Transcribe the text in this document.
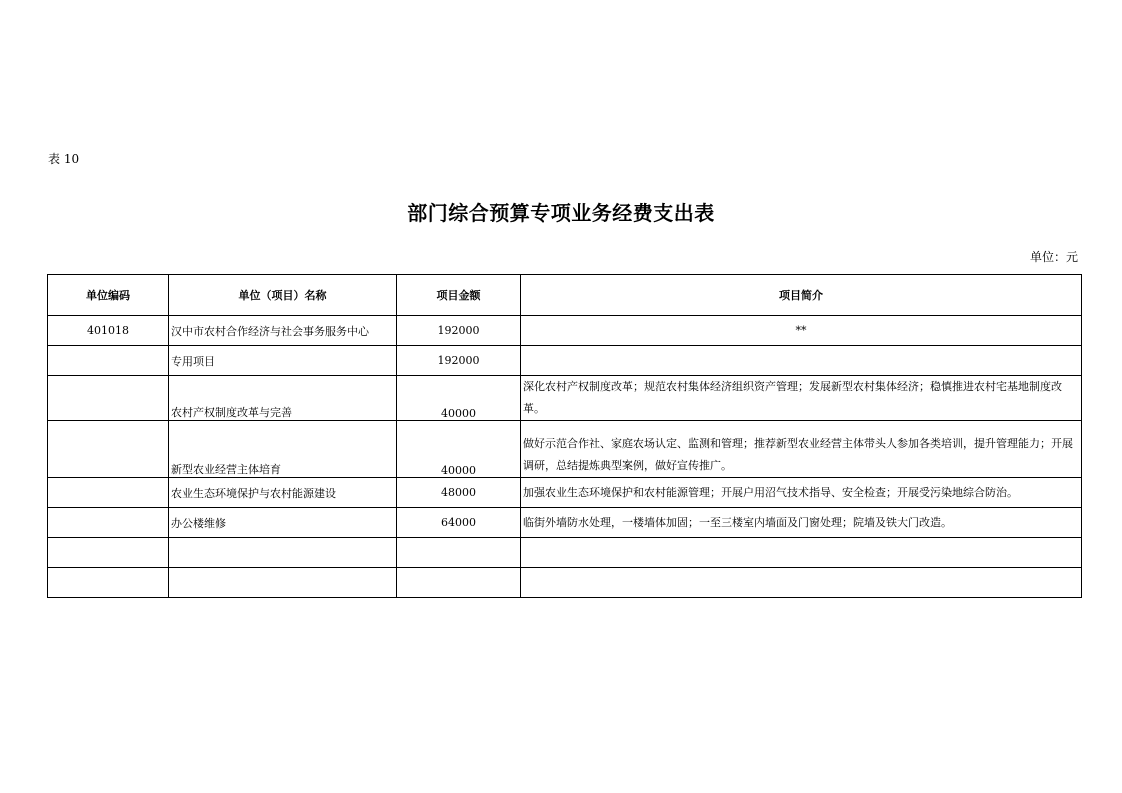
表 10
部门综合预算专项业务经费支出表
单位：元
单位编码	单位（项目）名称	项目金额	项目简介
401018	汉中市农村合作经济与社会事务服务中心	192000	**
	专用项目	192000	
	农村产权制度改革与完善	40000	深化农村产权制度改革；规范农村集体经济组织资产管理；发展新型农村集体经济；稳慎推进农村宅基地制度改革。
	新型农业经营主体培育	40000	做好示范合作社、家庭农场认定、监测和管理；推荐新型农业经营主体带头人参加各类培训，提升管理能力；开展调研，总结提炼典型案例，做好宣传推广。
	农业生态环境保护与农村能源建设	48000	加强农业生态环境保护和农村能源管理；开展户用沼气技术指导、安全检查；开展受污染地综合防治。
	办公楼维修	64000	临街外墙防水处理，一楼墙体加固；一至三楼室内墙面及门窗处理；院墙及铁大门改造。
